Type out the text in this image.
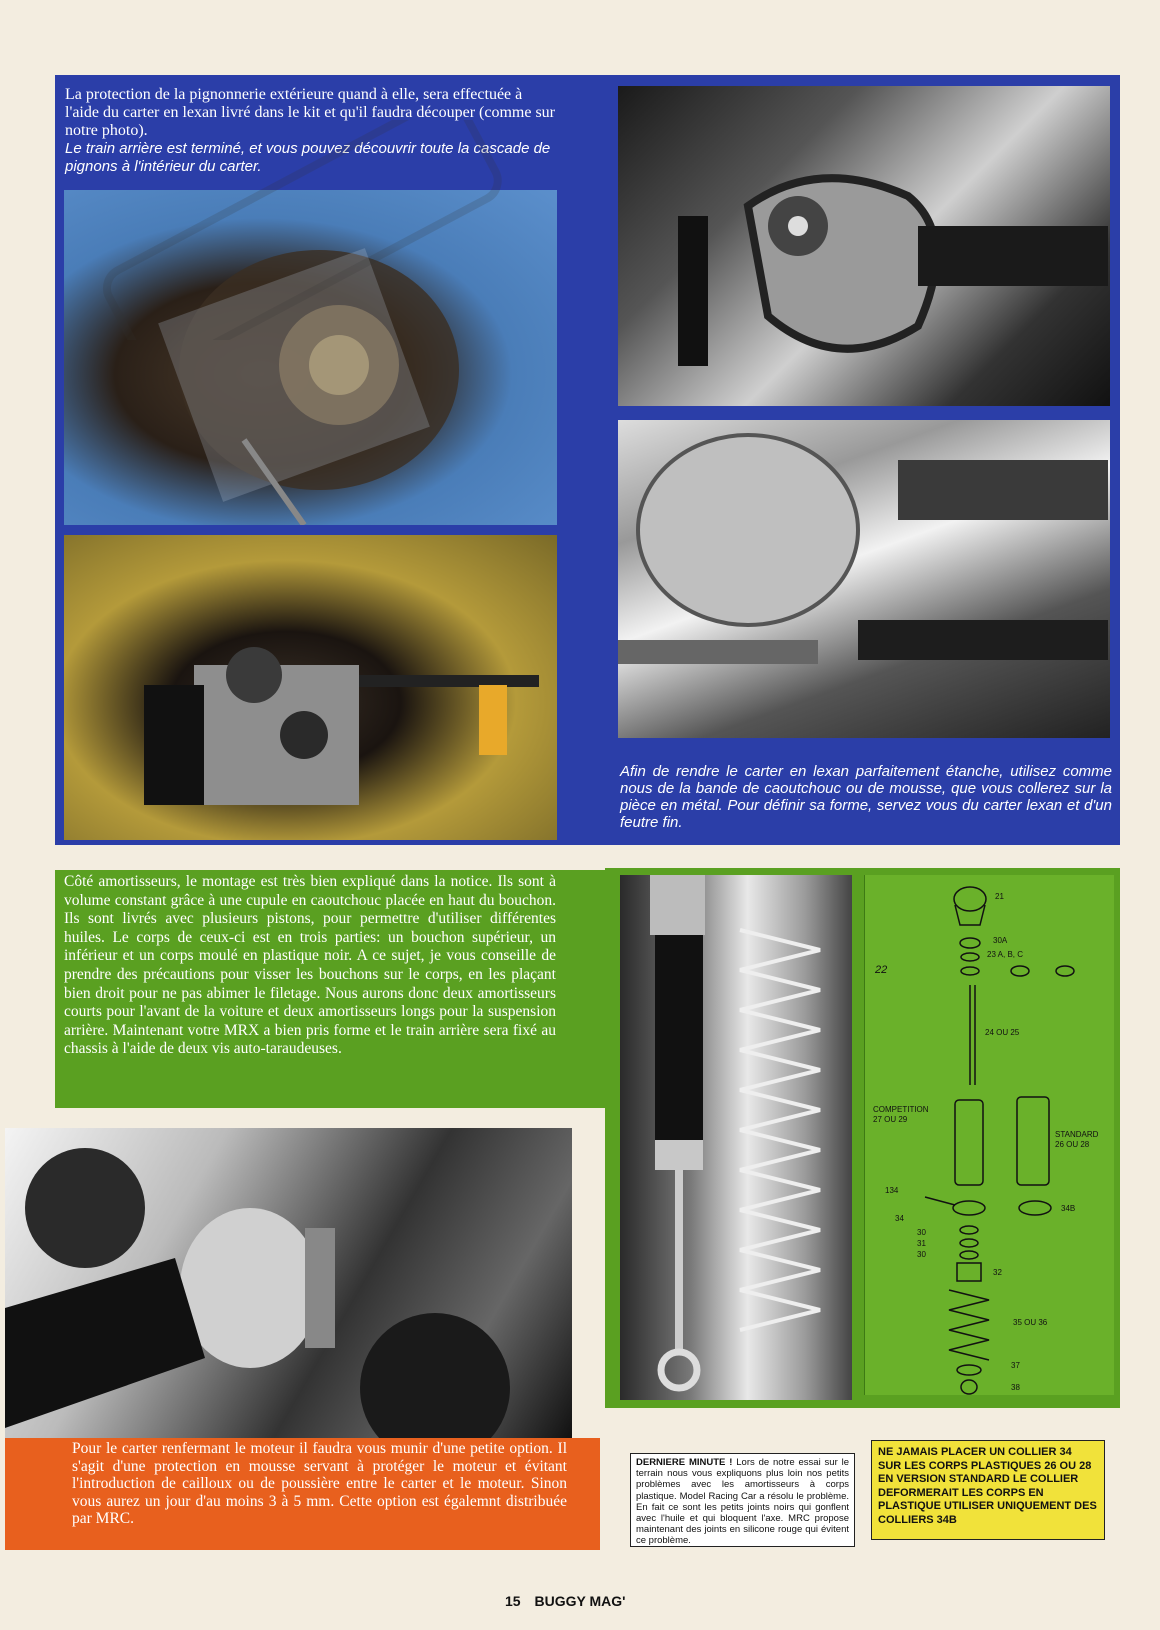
La protection de la pignonnerie extérieure quand à elle, sera effectuée à l'aide du carter en lexan livré dans le kit et qu'il faudra découper (comme sur notre photo).
Le train arrière est terminé, et vous pouvez découvrir toute la cascade de pignons à l'intérieur du carter.
Afin de rendre le carter en lexan parfaitement étanche, utilisez comme nous de la bande de caoutchouc ou de mousse, que vous collerez sur la pièce en métal. Pour définir sa forme, servez vous du carter lexan et d'un feutre fin.
Côté amortisseurs, le montage est très bien expliqué dans la notice. Ils sont à volume constant grâce à une cupule en caoutchouc placée en haut du bouchon. Ils sont livrés avec plusieurs pistons, pour permettre d'utiliser différentes huiles. Le corps de ceux-ci est en trois parties: un bouchon supérieur, un inférieur et un corps moulé en plastique noir. A ce sujet, je vous conseille de prendre des précautions pour visser les bouchons sur le corps, en les plaçant bien droit pour ne pas abimer le filetage. Nous aurons donc deux amortisseurs courts pour l'avant de la voiture et deux amortisseurs longs pour la suspension arrière. Maintenant votre MRX a bien pris forme et le train arrière sera fixé au chassis à l'aide de deux vis auto-taraudeuses.
21
30A
23 A, B, C
22
24 OU 25
COMPETITION
27 OU 29
STANDARD
26 OU 28
134
34
34B
30
31
30
32
35 OU 36
37
38
Pour le carter renfermant le moteur il faudra vous munir d'une petite option. Il s'agit d'une protection en mousse servant à protéger le moteur et évitant l'introduction de cailloux ou de poussière entre le carter et le moteur. Sinon vous aurez un jour d'au moins 3 à 5 mm. Cette option est égalemnt distribuée par MRC.
DERNIERE MINUTE ! Lors de notre essai sur le terrain nous vous expliquons plus loin nos petits problèmes avec les amortisseurs à corps plastique. Model Racing Car a résolu le problème. En fait ce sont les petits joints noirs qui gonflent avec l'huile et qui bloquent l'axe. MRC propose maintenant des joints en silicone rouge qui évitent ce problème.
NE JAMAIS PLACER UN COLLIER 34 SUR LES CORPS PLASTIQUES 26 OU 28 EN VERSION STANDARD LE COLLIER DEFORMERAIT LES CORPS EN PLASTIQUE UTILISER UNIQUEMENT DES COLLIERS 34B
15 BUGGY MAG'
